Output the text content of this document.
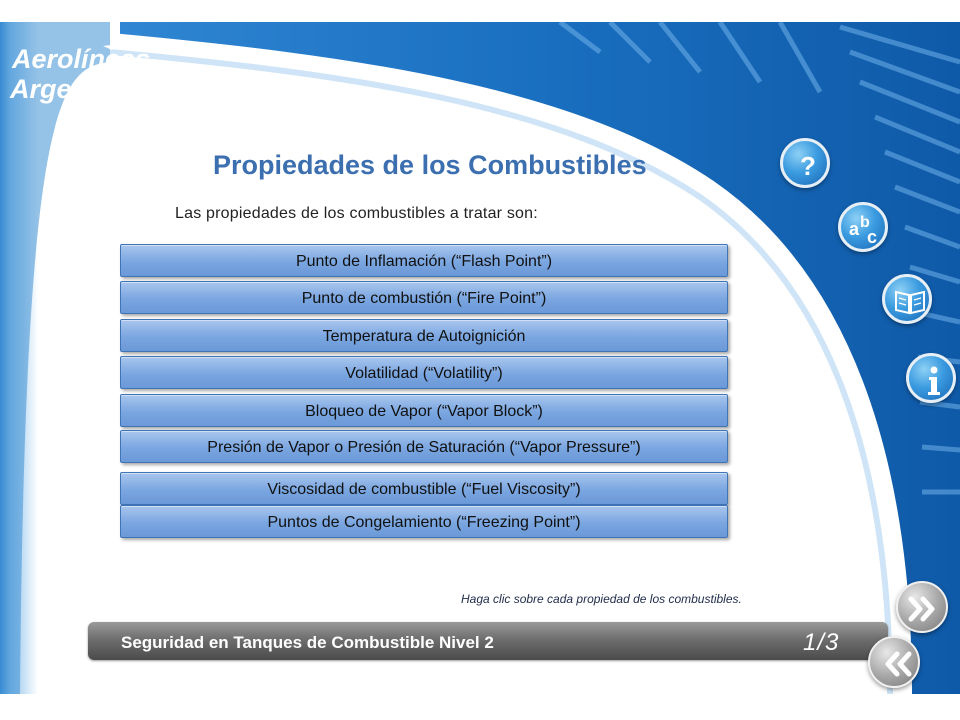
Aerolíneas
Argentinas
Propiedades de los Combustibles

Las propiedades de los combustibles a tratar son:

Punto de Inflamación (“Flash Point”)
Punto de combustión (“Fire Point”)
Temperatura de Autoignición
Volatilidad (“Volatility”)
Bloqueo de Vapor (“Vapor Block”)
Presión de Vapor o Presión de Saturación (“Vapor Pressure”)
Viscosidad de combustible (“Fuel Viscosity”)
Puntos de Congelamiento (“Freezing Point”)
?
a b
c

Haga clic sobre cada propiedad de los combustibles.

Seguridad en Tanques de Combustible Nivel 2	1/3
